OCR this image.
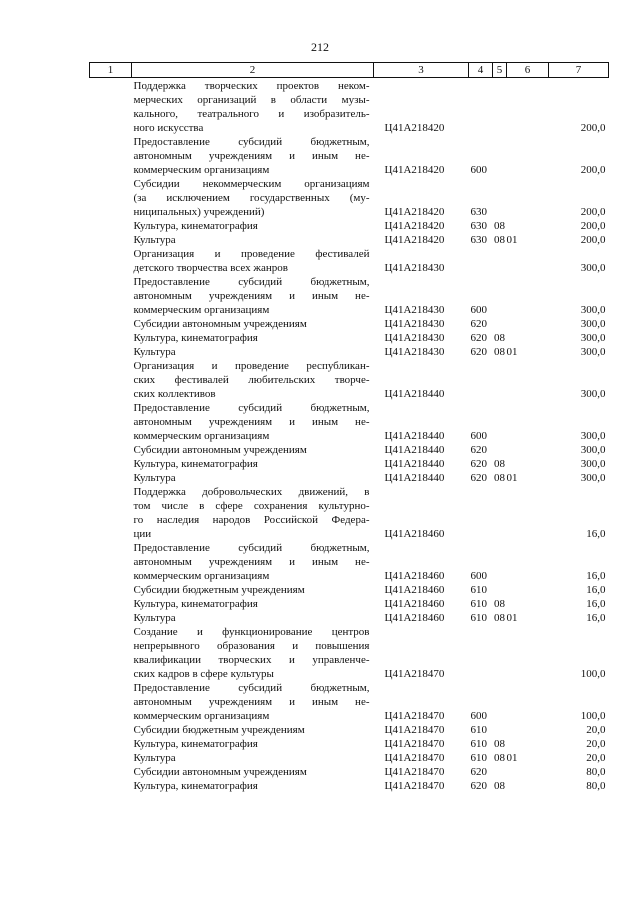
212
1	2	3	4	5	6	7

	Поддержка творческих проектов неком-
мерческих организаций в области музы-
кального, театрального и изобразитель-
ного искусства	Ц41А218420				200,0

	Предоставление субсидий бюджетным,
автономным учреждениям и иным не-
коммерческим организациям	Ц41А218420	600			200,0

	Субсидии некоммерческим организациям
(за исключением государственных (му-
ниципальных) учреждений)	Ц41А218420	630			200,0

	Культура, кинематография	Ц41А218420	630	08		200,0

	Культура	Ц41А218420	630	08	01	200,0

	Организация и проведение фестивалей
детского творчества всех жанров	Ц41А218430				300,0

	Предоставление субсидий бюджетным,
автономным учреждениям и иным не-
коммерческим организациям	Ц41А218430	600			300,0

	Субсидии автономным учреждениям	Ц41А218430	620			300,0

	Культура, кинематография	Ц41А218430	620	08		300,0

	Культура	Ц41А218430	620	08	01	300,0

	Организация и проведение республикан-
ских фестивалей любительских творче-
ских коллективов	Ц41А218440				300,0

	Предоставление субсидий бюджетным,
автономным учреждениям и иным не-
коммерческим организациям	Ц41А218440	600			300,0

	Субсидии автономным учреждениям	Ц41А218440	620			300,0

	Культура, кинематография	Ц41А218440	620	08		300,0

	Культура	Ц41А218440	620	08	01	300,0

	Поддержка добровольческих движений, в
том числе в сфере сохранения культурно-
го наследия народов Российской Федера-
ции	Ц41А218460				16,0

	Предоставление субсидий бюджетным,
автономным учреждениям и иным не-
коммерческим организациям	Ц41А218460	600			16,0

	Субсидии бюджетным учреждениям	Ц41А218460	610			16,0

	Культура, кинематография	Ц41А218460	610	08		16,0

	Культура	Ц41А218460	610	08	01	16,0

	Создание и функционирование центров
непрерывного образования и повышения
квалификации творческих и управленче-
ских кадров в сфере культуры	Ц41А218470				100,0

	Предоставление субсидий бюджетным,
автономным учреждениям и иным не-
коммерческим организациям	Ц41А218470	600			100,0

	Субсидии бюджетным учреждениям	Ц41А218470	610			20,0

	Культура, кинематография	Ц41А218470	610	08		20,0

	Культура	Ц41А218470	610	08	01	20,0

	Субсидии автономным учреждениям	Ц41А218470	620			80,0

	Культура, кинематография	Ц41А218470	620	08		80,0
